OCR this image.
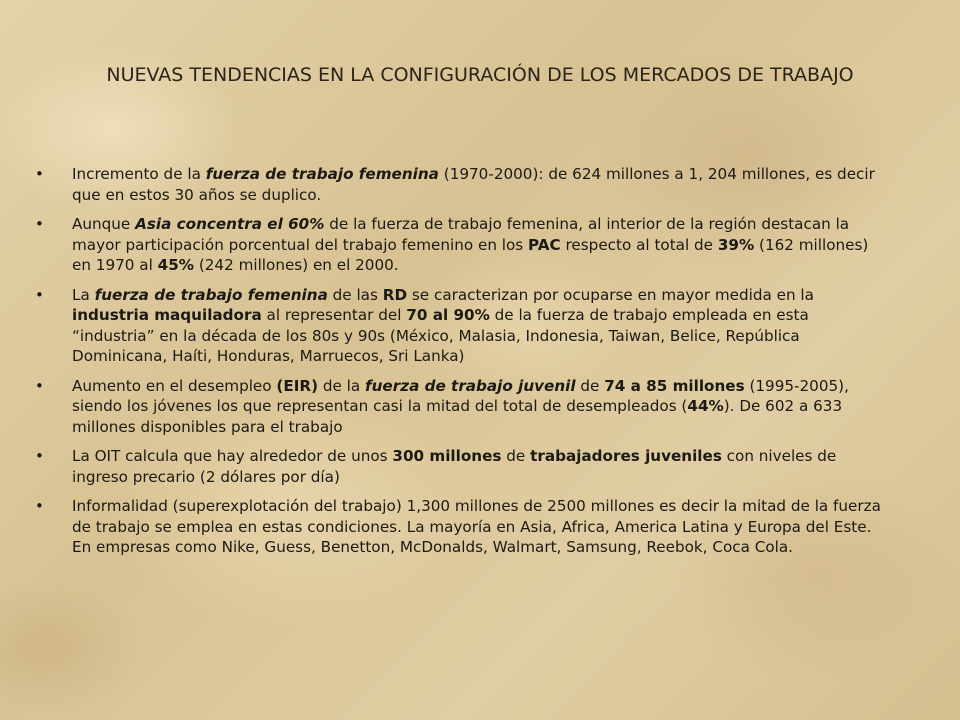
NUEVAS TENDENCIAS EN LA CONFIGURACIÓN DE LOS MERCADOS DE TRABAJO
• Incremento de la fuerza de trabajo femenina (1970-2000): de 624 millones a 1, 204 millones, es decir que en estos 30 años se duplico.
• Aunque Asia concentra el 60% de la fuerza de trabajo femenina, al interior de la región destacan la mayor participación porcentual del trabajo femenino en los PAC respecto al total de 39% (162 millones) en 1970 al 45% (242 millones) en el 2000.
• La fuerza de trabajo femenina de las RD se caracterizan por ocuparse en mayor medida en la industria maquiladora al representar del 70 al 90% de la fuerza de trabajo empleada en esta “industria” en la década de los 80s y 90s (México, Malasia, Indonesia, Taiwan, Belice, República Dominicana, Haíti, Honduras, Marruecos, Sri Lanka)
• Aumento en el desempleo (EIR) de la fuerza de trabajo juvenil de 74 a 85 millones (1995-2005), siendo los jóvenes los que representan casi la mitad del total de desempleados (44%). De 602 a 633 millones disponibles para el trabajo
• La OIT calcula que hay alrededor de unos 300 millones de trabajadores juveniles con niveles de ingreso precario (2 dólares por día)
• Informalidad (superexplotación del trabajo) 1,300 millones de 2500 millones es decir la mitad de la fuerza de trabajo se emplea en estas condiciones. La mayoría en Asia, Africa, America Latina y Europa del Este. En empresas como Nike, Guess, Benetton, McDonalds, Walmart, Samsung, Reebok, Coca Cola.
